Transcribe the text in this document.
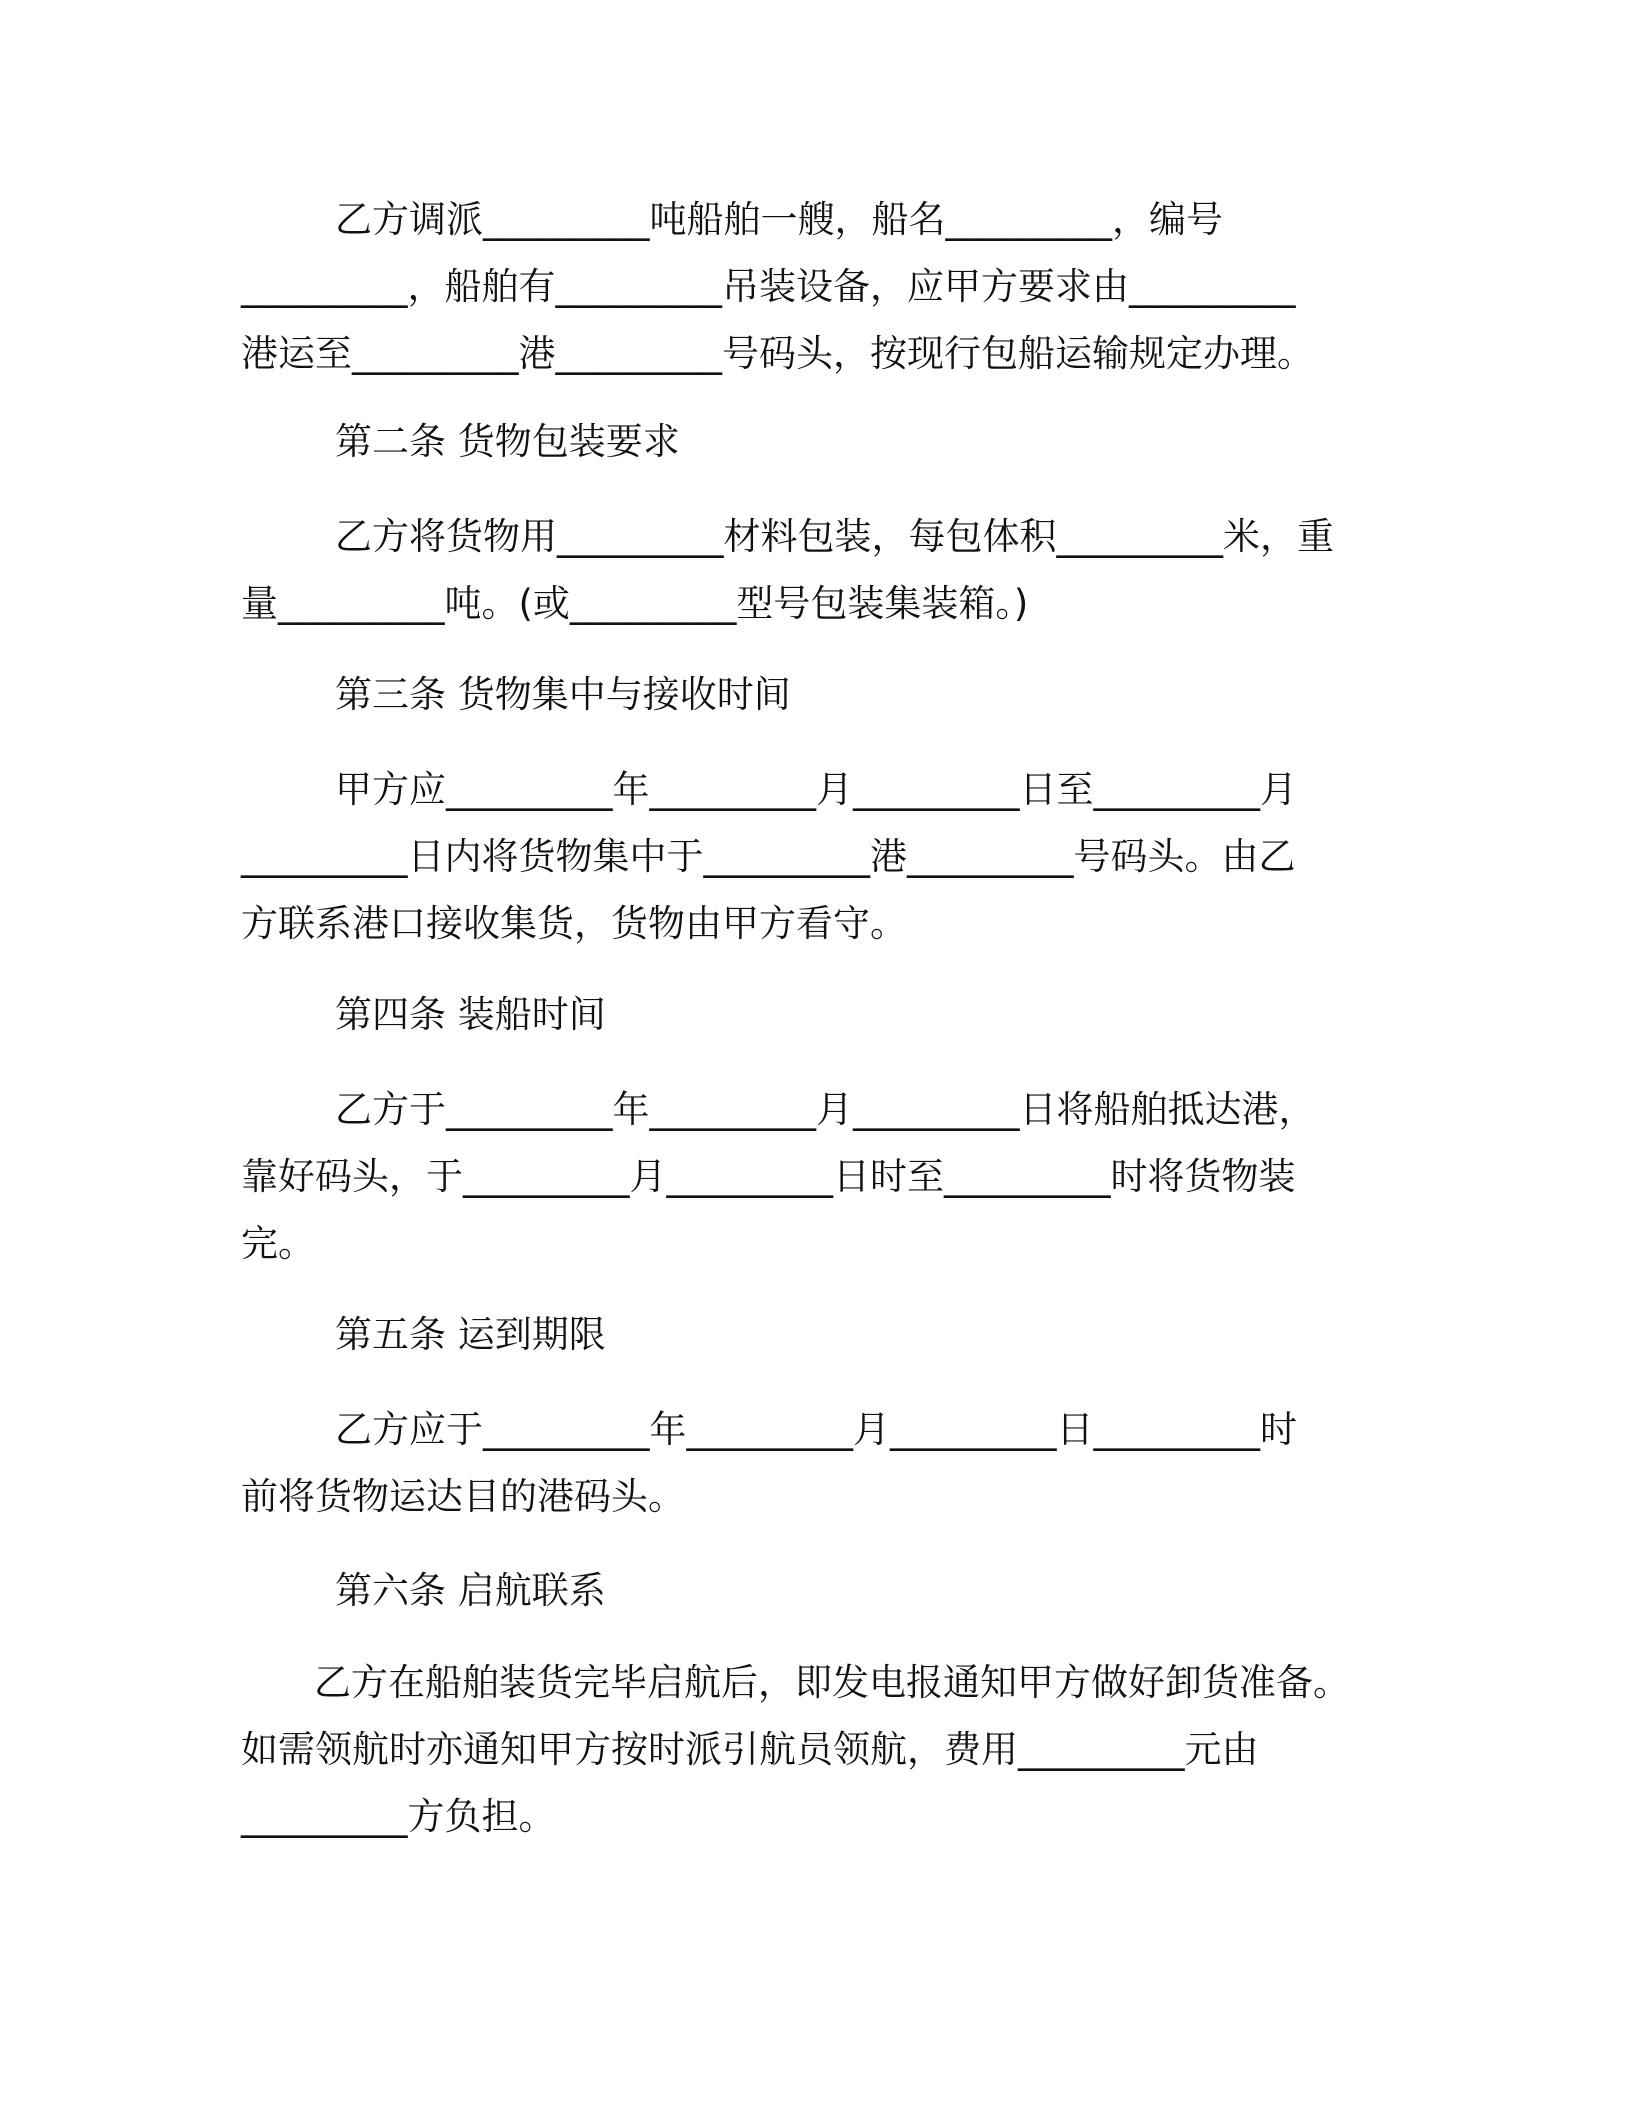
乙方调派_________吨船舶一艘，船名_________，编号
_________，船舶有_________吊装设备，应甲方要求由_________
港运至_________港_________号码头，按现行包船运输规定办理。
第二条 货物包装要求
乙方将货物用_________材料包装，每包体积_________米，重
量_________吨。(或_________型号包装集装箱。)
第三条 货物集中与接收时间
甲方应_________年_________月_________日至_________月
_________日内将货物集中于_________港_________号码头。由乙
方联系港口接收集货，货物由甲方看守。
第四条 装船时间
乙方于_________年_________月_________日将船舶抵达港，
靠好码头，于_________月_________日时至_________时将货物装
完。
第五条 运到期限
乙方应于_________年_________月_________日_________时
前将货物运达目的港码头。
第六条 启航联系
乙方在船舶装货完毕启航后，即发电报通知甲方做好卸货准备。
如需领航时亦通知甲方按时派引航员领航，费用_________元由
_________方负担。
